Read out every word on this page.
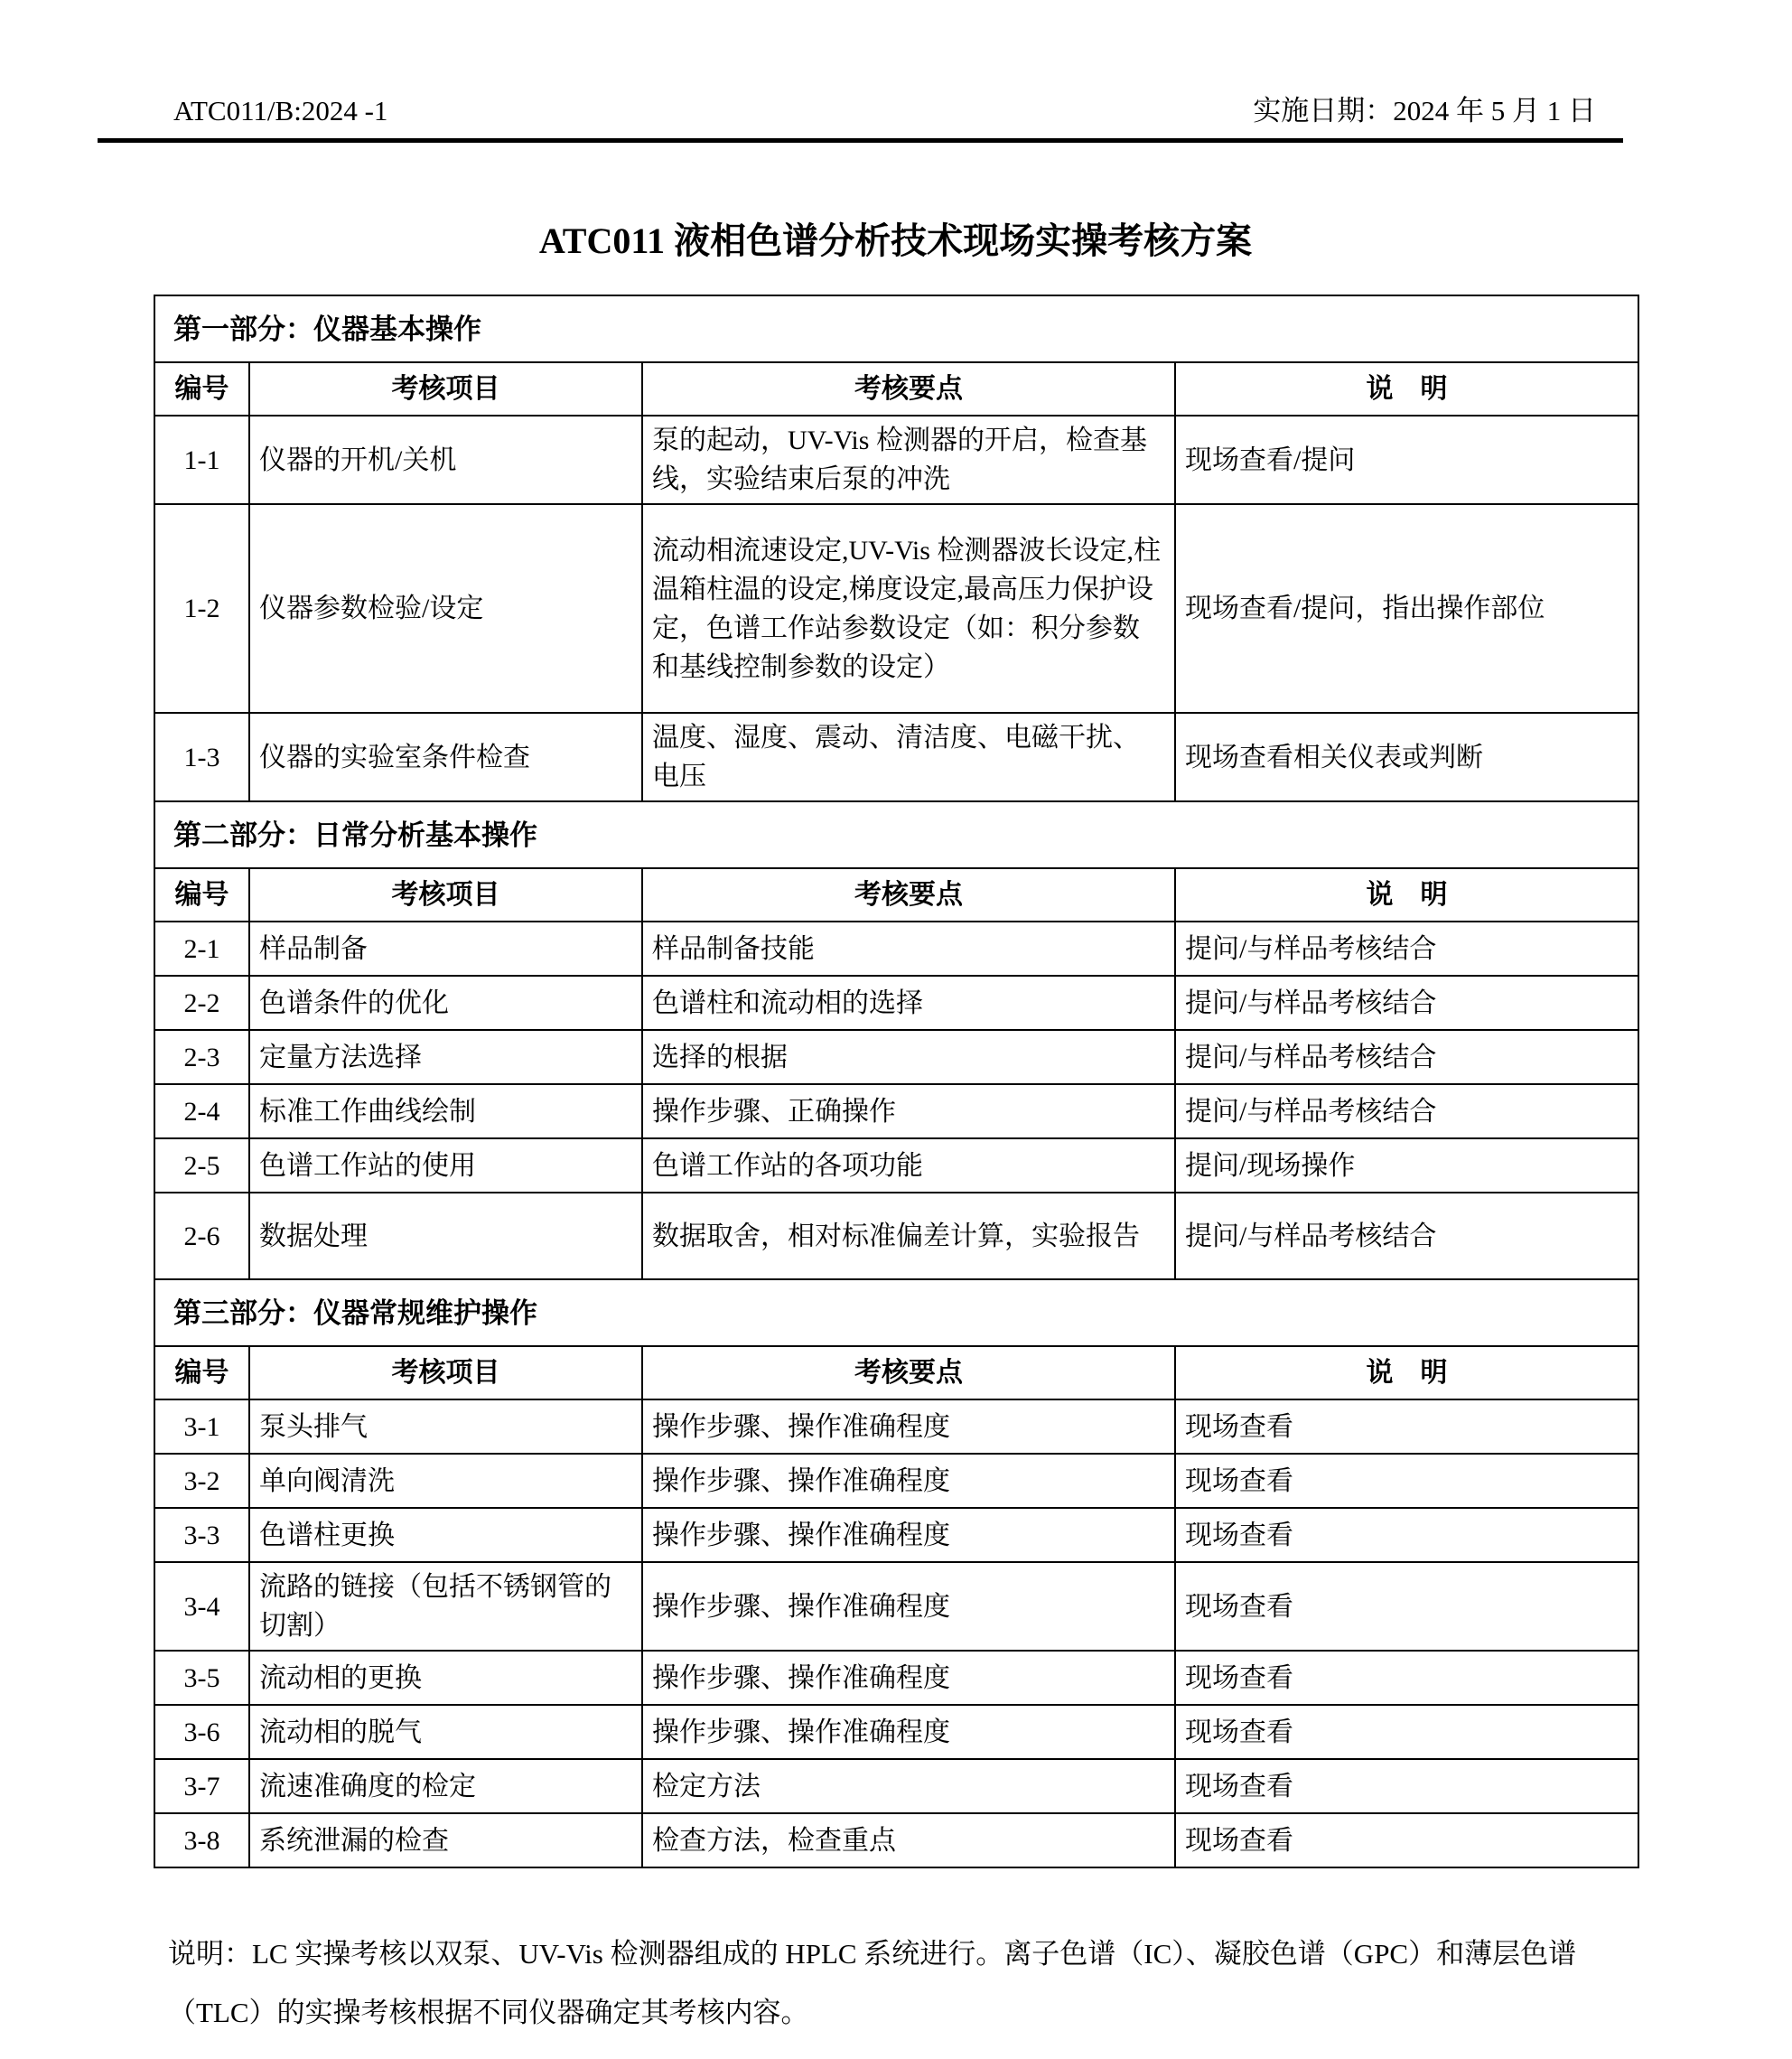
ATC011/B:2024 -1	实施日期：2024 年 5 月 1 日
ATC011 液相色谱分析技术现场实操考核方案
第一部分：仪器基本操作			
编号	考核项目	考核要点	说　明
1-1	仪器的开机/关机	泵的起动，UV-Vis 检测器的开启，检查基线，实验结束后泵的冲洗	现场查看/提问
1-2	仪器参数检验/设定	流动相流速设定,UV-Vis 检测器波长设定,柱温箱柱温的设定,梯度设定,最高压力保护设定，色谱工作站参数设定（如：积分参数和基线控制参数的设定）	现场查看/提问，指出操作部位
1-3	仪器的实验室条件检查	温度、湿度、震动、清洁度、电磁干扰、电压	现场查看相关仪表或判断
第二部分：日常分析基本操作			
编号	考核项目	考核要点	说　明
2-1	样品制备	样品制备技能	提问/与样品考核结合
2-2	色谱条件的优化	色谱柱和流动相的选择	提问/与样品考核结合
2-3	定量方法选择	选择的根据	提问/与样品考核结合
2-4	标准工作曲线绘制	操作步骤、正确操作	提问/与样品考核结合
2-5	色谱工作站的使用	色谱工作站的各项功能	提问/现场操作
2-6	数据处理	数据取舍，相对标准偏差计算，实验报告	提问/与样品考核结合
第三部分：仪器常规维护操作			
编号	考核项目	考核要点	说　明
3-1	泵头排气	操作步骤、操作准确程度	现场查看
3-2	单向阀清洗	操作步骤、操作准确程度	现场查看
3-3	色谱柱更换	操作步骤、操作准确程度	现场查看
3-4	流路的链接（包括不锈钢管的切割）	操作步骤、操作准确程度	现场查看
3-5	流动相的更换	操作步骤、操作准确程度	现场查看
3-6	流动相的脱气	操作步骤、操作准确程度	现场查看
3-7	流速准确度的检定	检定方法	现场查看
3-8	系统泄漏的检查	检查方法，检查重点	现场查看
说明：LC 实操考核以双泵、UV-Vis 检测器组成的 HPLC 系统进行。离子色谱（IC）、凝胶色谱（GPC）和薄层色谱（TLC）的实操考核根据不同仪器确定其考核内容。
